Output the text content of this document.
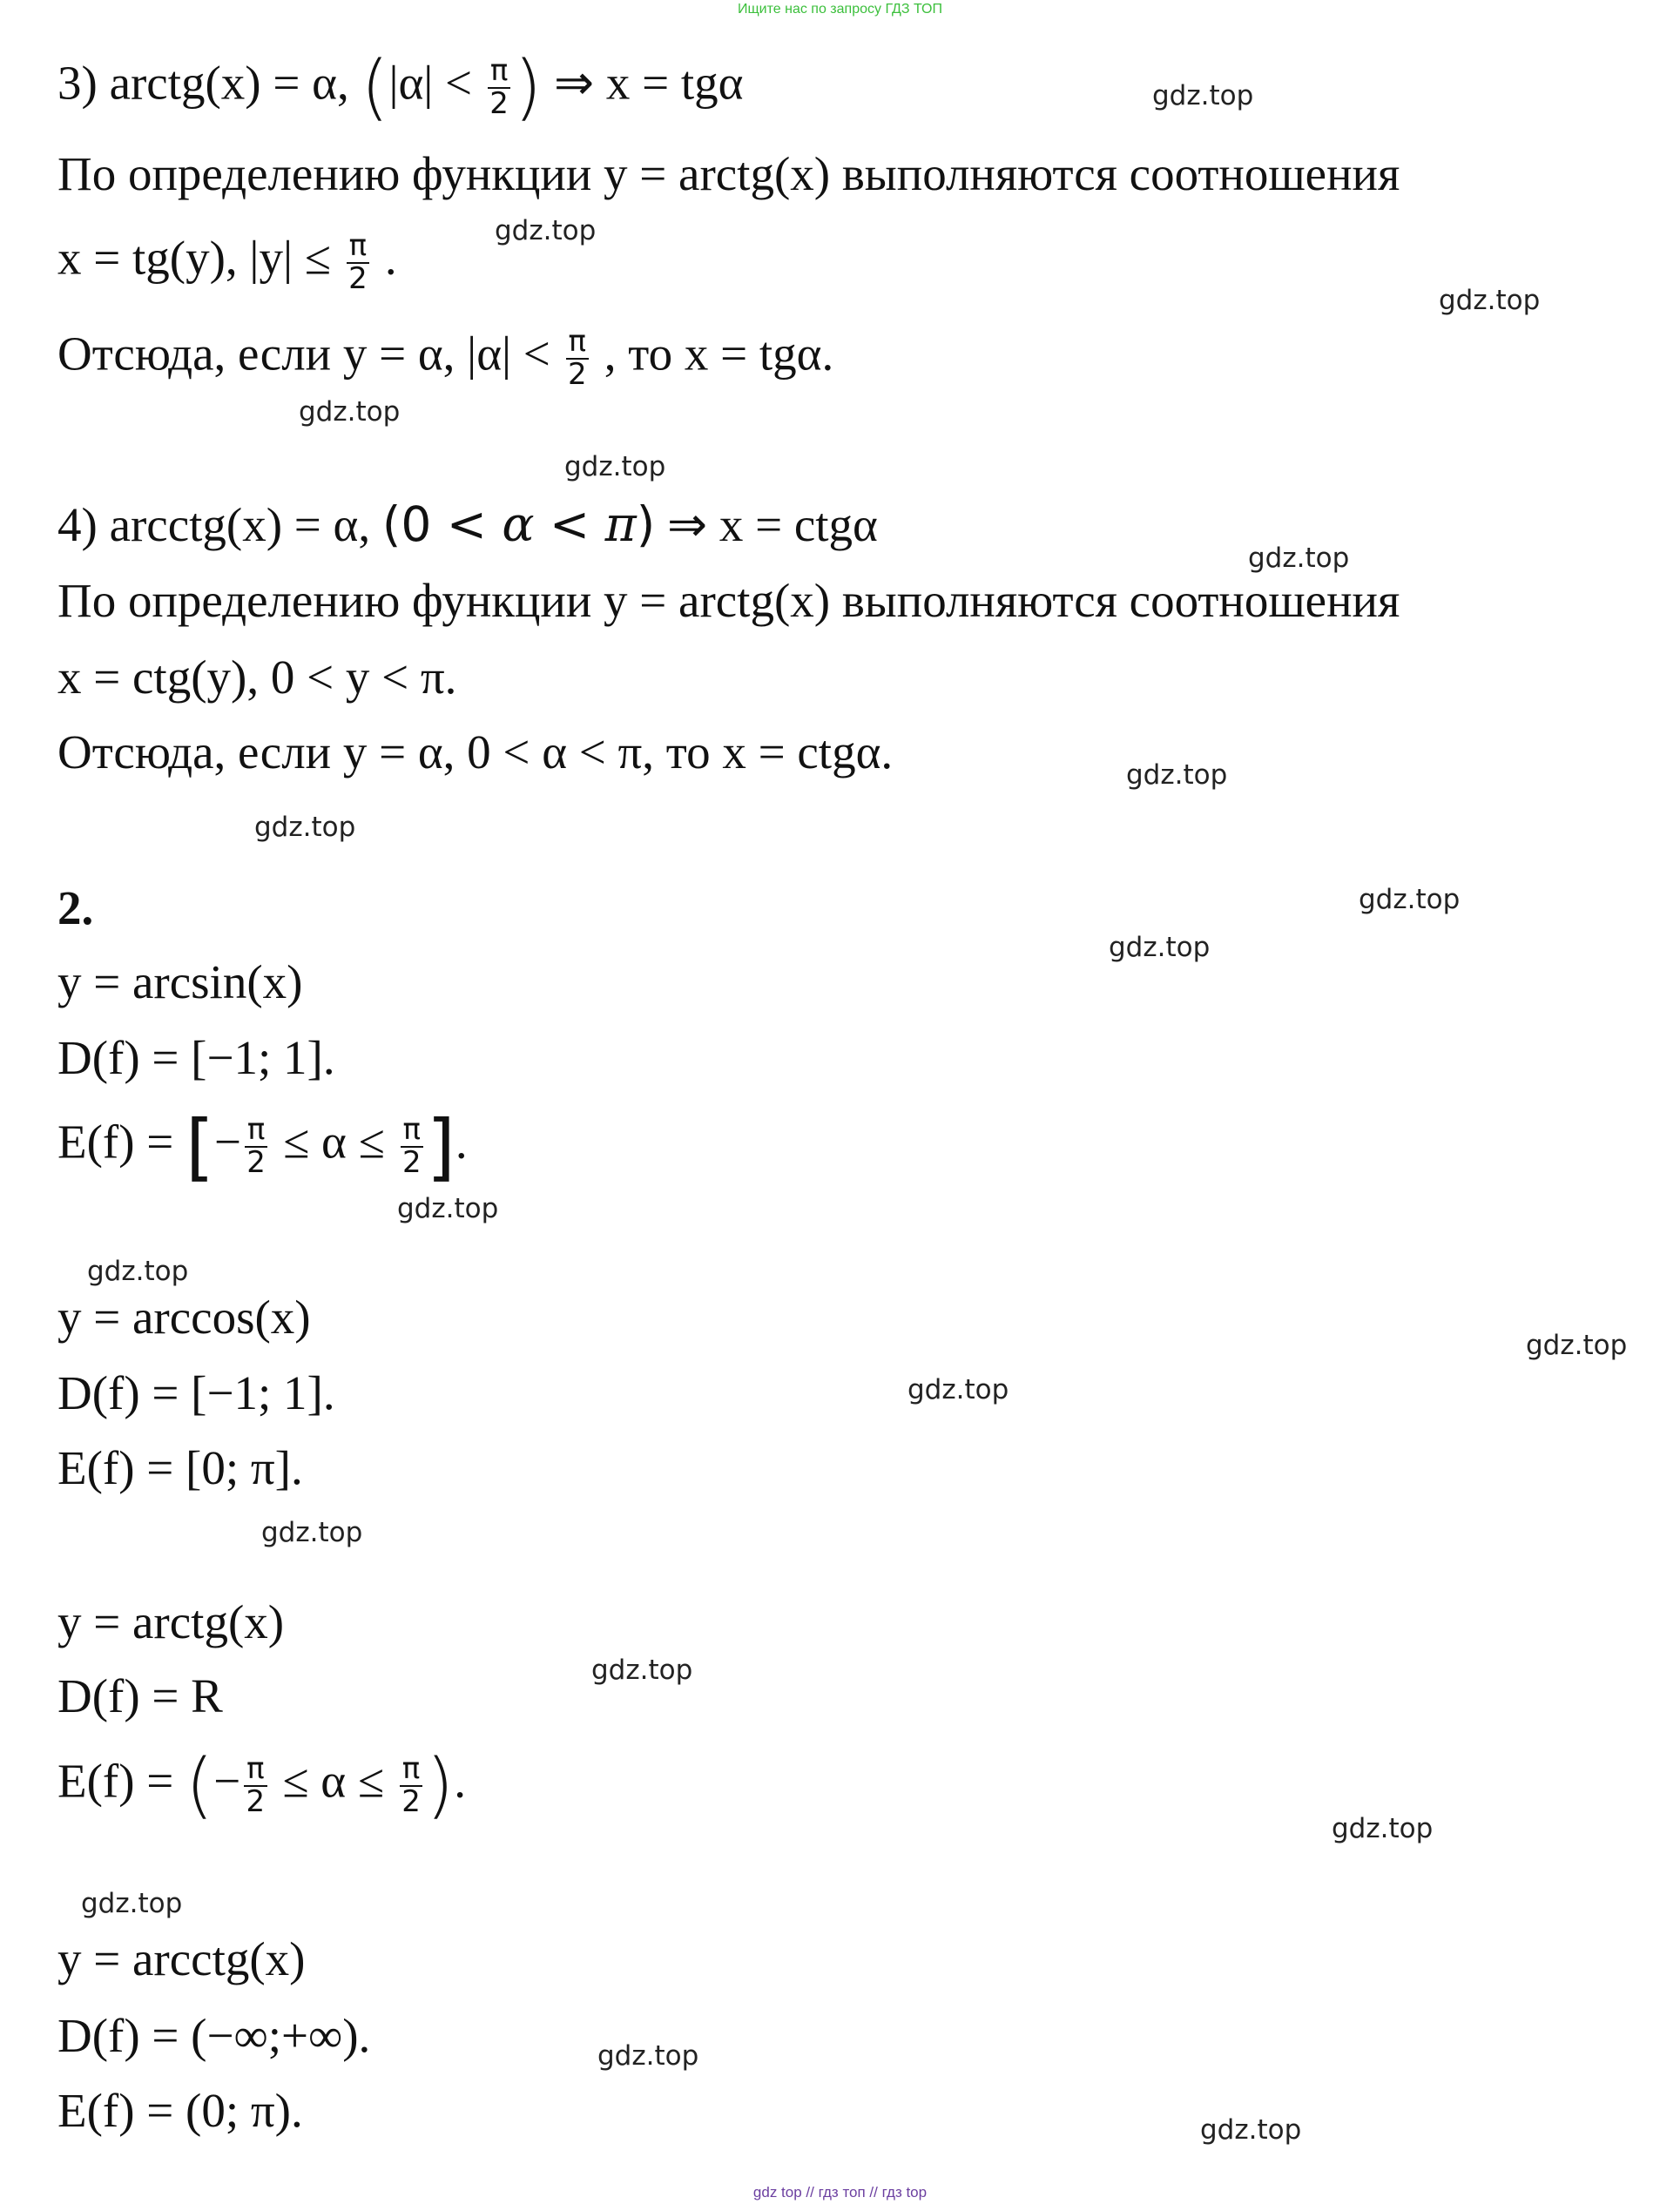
Ищите нас по запросу ГДЗ ТОП
3) arctg(x) = α, ($|\alpha| < \frac{\pi}{2}$ ) ⇒ x = tgα
По определению функции y = arctg(x) выполняются соотношения
x = tg(y), $|y| \le \frac{\pi}{2}$ .
Отсюда, если y = α, $|\alpha| < \frac{\pi}{2}$ , то x = tgα.
4) arcctg(x) = α, (0 < α < π) ⇒ x = ctgα
По определению функции y = arctg(x) выполняются соотношения
x = ctg(y), 0 < y < π.
Отсюда, если y = α, 0 < α < π, то x = ctgα.
2.
y = arcsin(x)
D(f) = [−1; 1].
E(f) = [− $\frac{\pi}{2} \le \alpha \le \frac{\pi}{2}$ ].
y = arccos(x)
D(f) = [−1; 1].
E(f) = [0; π].
y = arctg(x)
D(f) = R
E(f) = (− $\frac{\pi}{2} \le \alpha \le \frac{\pi}{2}$ ).
y = arcctg(x)
D(f) = (−∞;+∞).
E(f) = (0; π).
gdz.top
gdz.top
gdz.top
gdz.top
gdz.top
gdz.top
gdz.top
gdz.top
gdz.top
gdz.top
gdz.top
gdz.top
gdz.top
gdz.top
gdz.top
gdz.top
gdz.top
gdz.top
gdz.top
gdz.top
gdz top // гдз топ // гдз top
